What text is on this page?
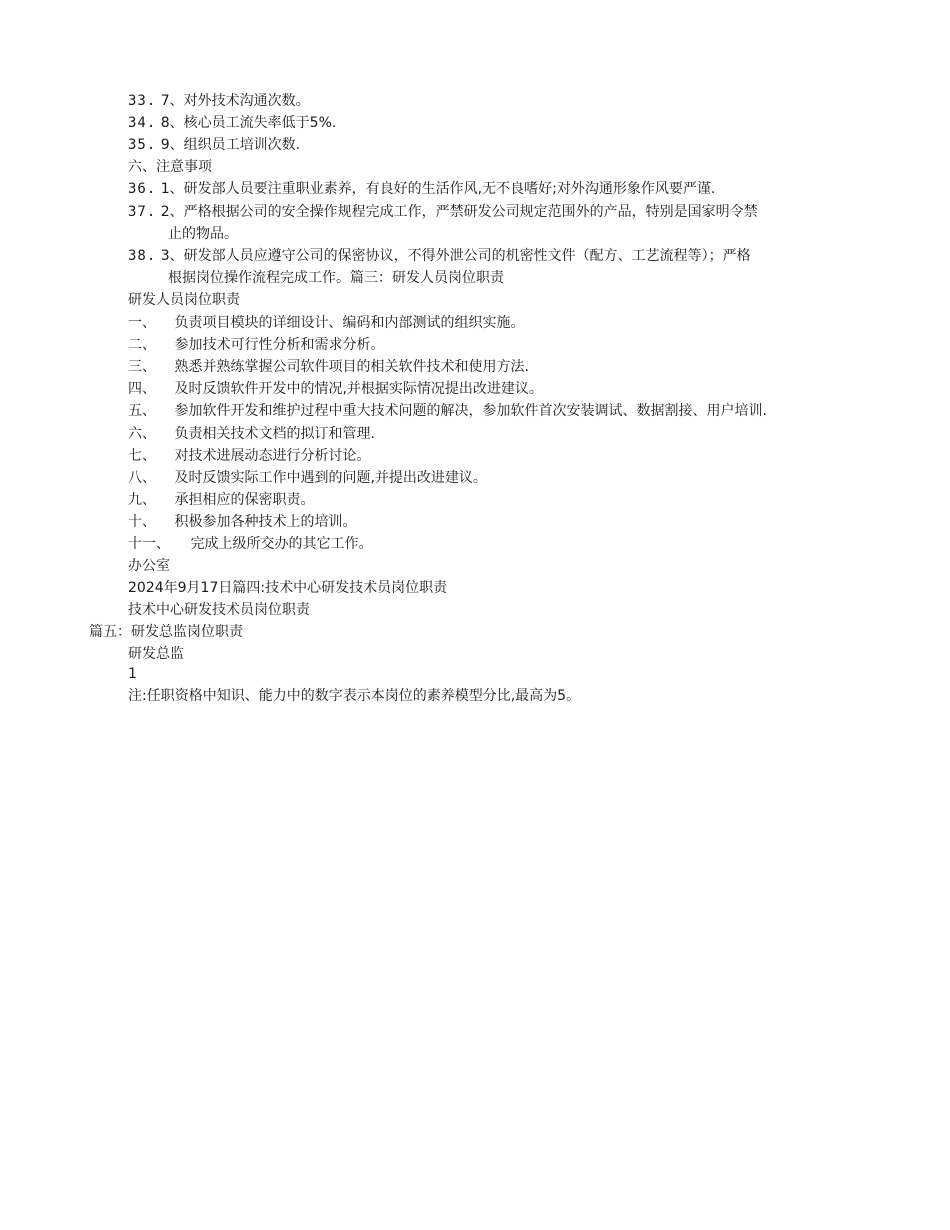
33. 7、对外技术沟通次数。
34. 8、核心员工流失率低于5%.
35. 9、组织员工培训次数.
六、注意事项
36. 1、研发部人员要注重职业素养，有良好的生活作风,无不良嗜好;对外沟通形象作风要严谨.
37. 2、严格根据公司的安全操作规程完成工作，严禁研发公司规定范围外的产品，特别是国家明令禁
止的物品。
38. 3、研发部人员应遵守公司的保密协议，不得外泄公司的机密性文件（配方、工艺流程等）；严格
根据岗位操作流程完成工作。篇三：研发人员岗位职责
研发人员岗位职责
一、 负责项目模块的详细设计、编码和内部测试的组织实施。
二、 参加技术可行性分析和需求分析。
三、 熟悉并熟练掌握公司软件项目的相关软件技术和使用方法.
四、 及时反馈软件开发中的情况,并根据实际情况提出改进建议。
五、 参加软件开发和维护过程中重大技术问题的解决，参加软件首次安装调试、数据割接、用户培训.
六、 负责相关技术文档的拟订和管理.
七、 对技术进展动态进行分析讨论。
八、 及时反馈实际工作中遇到的问题,并提出改进建议。
九、 承担相应的保密职责。
十、 积极参加各种技术上的培训。
十一、 完成上级所交办的其它工作。
办公室
2024年9月17日篇四:技术中心研发技术员岗位职责
技术中心研发技术员岗位职责
篇五：研发总监岗位职责
研发总监
1
注:任职资格中知识、能力中的数字表示本岗位的素养模型分比,最高为5。
